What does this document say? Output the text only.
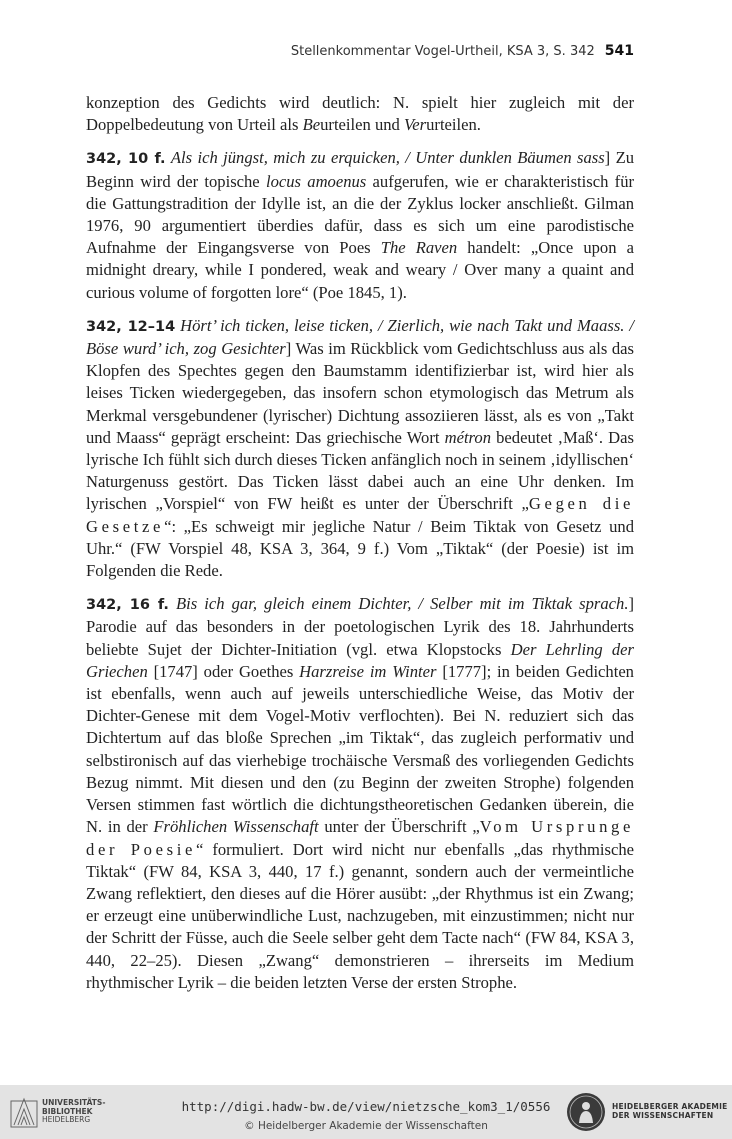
Stellenkommentar Vogel-Urtheil, KSA 3, S. 342 541

konzeption des Gedichts wird deutlich: N. spielt hier zugleich mit der Doppelbedeutung von Urteil als Beurteilen und Verurteilen.

342, 10 f. Als ich jüngst, mich zu erquicken, / Unter dunklen Bäumen sass] Zu Beginn wird der topische locus amoenus aufgerufen, wie er charakteristisch für die Gattungstradition der Idylle ist, an die der Zyklus locker anschließt. Gilman 1976, 90 argumentiert überdies dafür, dass es sich um eine parodistische Aufnahme der Eingangsverse von Poes The Raven handelt: „Once upon a midnight dreary, while I pondered, weak and weary / Over many a quaint and curious volume of forgotten lore“ (Poe 1845, 1).

342, 12–14 Hört’ ich ticken, leise ticken, / Zierlich, wie nach Takt und Maass. / Böse wurd’ ich, zog Gesichter] Was im Rückblick vom Gedichtschluss aus als das Klopfen des Spechtes gegen den Baumstamm identifizierbar ist, wird hier als leises Ticken wiedergegeben, das insofern schon etymologisch das Metrum als Merkmal versgebundener (lyrischer) Dichtung assoziieren lässt, als es von „Takt und Maass“ geprägt erscheint: Das griechische Wort métron bedeutet ‚Maß‘. Das lyrische Ich fühlt sich durch dieses Ticken anfänglich noch in seinem ‚idyllischen‘ Naturgenuss gestört. Das Ticken lässt dabei auch an eine Uhr denken. Im lyrischen „Vorspiel“ von FW heißt es unter der Überschrift „Gegen die Gesetze“: „Es schweigt mir jegliche Natur / Beim Tiktak von Gesetz und Uhr.“ (FW Vorspiel 48, KSA 3, 364, 9 f.) Vom „Tiktak“ (der Poesie) ist im Folgenden die Rede.

342, 16 f. Bis ich gar, gleich einem Dichter, / Selber mit im Tiktak sprach.] Parodie auf das besonders in der poetologischen Lyrik des 18. Jahrhunderts beliebte Sujet der Dichter-Initiation (vgl. etwa Klopstocks Der Lehrling der Griechen [1747] oder Goethes Harzreise im Winter [1777]; in beiden Gedichten ist ebenfalls, wenn auch auf jeweils unterschiedliche Weise, das Motiv der Dichter-Genese mit dem Vogel-Motiv verflochten). Bei N. reduziert sich das Dichtertum auf das bloße Sprechen „im Tiktak“, das zugleich performativ und selbstironisch auf das vierhebige trochäische Versmaß des vorliegenden Gedichts Bezug nimmt. Mit diesen und den (zu Beginn der zweiten Strophe) folgenden Versen stimmen fast wörtlich die dichtungstheoretischen Gedanken überein, die N. in der Fröhlichen Wissenschaft unter der Überschrift „Vom Ursprunge der Poesie“ formuliert. Dort wird nicht nur ebenfalls „das rhythmische Tiktak“ (FW 84, KSA 3, 440, 17 f.) genannt, sondern auch der vermeintliche Zwang reflektiert, den dieses auf die Hörer ausübt: „der Rhythmus ist ein Zwang; er erzeugt eine unüberwindliche Lust, nachzugeben, mit einzustimmen; nicht nur der Schritt der Füsse, auch die Seele selber geht dem Tacte nach“ (FW 84, KSA 3, 440, 22–25). Diesen „Zwang“ demonstrieren – ihrerseits im Medium rhythmischer Lyrik – die beiden letzten Verse der ersten Strophe.

UNIVERSITÄTS-
BIBLIOTHEK
HEIDELBERG
http://digi.hadw-bw.de/view/nietzsche_kom3_1/0556
© Heidelberger Akademie der Wissenschaften
HEIDELBERGER AKADEMIE
DER WISSENSCHAFTEN
